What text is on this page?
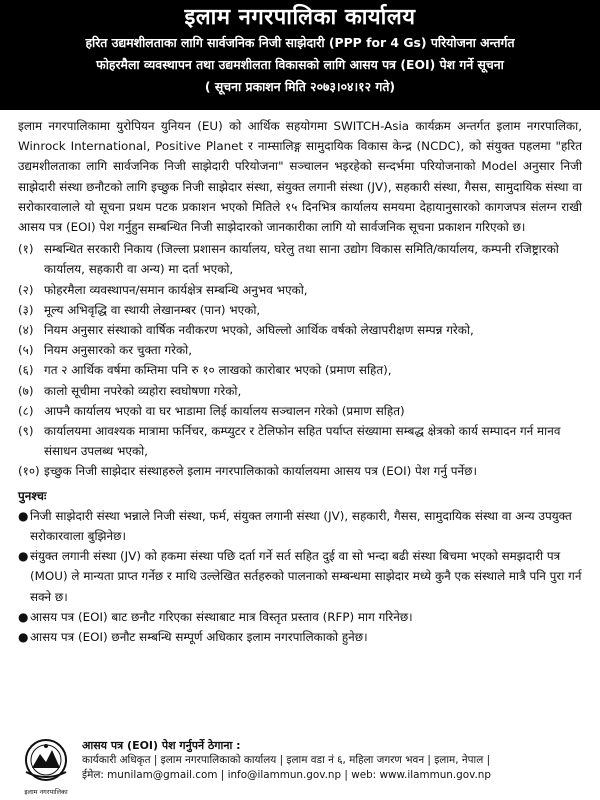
इलाम नगरपालिका कार्यालय
हरित उद्यमशीलताका लागि सार्वजनिक निजी साझेदारी (PPP for 4 Gs) परियोजना अन्तर्गत
फोहरमैला व्यवस्थापन तथा उद्यमशीलता विकासको लागि आसय पत्र (EOI) पेश गर्ने सूचना
( सूचना प्रकाशन मिति २०७३।०४।१२ गते)

इलाम नगरपालिकामा युरोपियन युनियन (EU) को आर्थिक सहयोगमा SWITCH-Asia कार्यक्रम अन्तर्गत इलाम नगरपालिका, Winrock International, Positive Planet र नाम्सालिङ्ग सामुदायिक विकास केन्द्र (NCDC), को संयुक्त पहलमा "हरित उद्यमशीलताका लागि सार्वजनिक निजी साझेदारी परियोजना" सञ्चालन भइरहेको सन्दर्भमा परियोजनाको Model अनुसार निजी साझेदारी संस्था छनौटको लागि इच्छुक निजी साझेदार संस्था, संयुक्त लगानी संस्था (JV), सहकारी संस्था, गैसस, सामुदायिक संस्था वा सरोकारवालाले यो सूचना प्रथम पटक प्रकाशन भएको मितिले १५ दिनभित्र कार्यालय समयमा देहायानुसारको कागजपत्र संलग्न राखी आसय पत्र (EOI) पेश गर्नुहुन सम्बन्धित निजी साझेदारको जानकारीका लागि यो सार्वजनिक सूचना प्रकाशन गरिएको छ।

(१) सम्बन्धित सरकारी निकाय (जिल्ला प्रशासन कार्यालय, घरेलु तथा साना उद्योग विकास समिति/कार्यालय, कम्पनी रजिष्ट्रारको कार्यालय, सहकारी वा अन्य) मा दर्ता भएको,
(२) फोहरमैला व्यवस्थापन/समान कार्यक्षेत्र सम्बन्धि अनुभव भएको,
(३) मूल्य अभिवृद्धि वा स्थायी लेखानम्बर (पान) भएको,
(४) नियम अनुसार संस्थाको वार्षिक नवीकरण भएको, अघिल्लो आर्थिक वर्षको लेखापरीक्षण सम्पन्न गरेको,
(५) नियम अनुसारको कर चुक्ता गरेको,
(६) गत २ आर्थिक वर्षमा कम्तिमा पनि रु १० लाखको कारोबार भएको (प्रमाण सहित),
(७) कालो सूचीमा नपरेको व्यहोरा स्वघोषणा गरेको,
(८) आफ्नै कार्यालय भएको वा घर भाडामा लिई कार्यालय सञ्चालन गरेको (प्रमाण सहित)
(९) कार्यालयमा आवश्यक मात्रामा फर्निचर, कम्प्युटर र टेलिफोन सहित पर्याप्त संख्यामा सम्बद्ध क्षेत्रको कार्य सम्पादन गर्न मानव संसाधन उपलब्ध भएको,
(१०) इच्छुक निजी साझेदार संस्थाहरुले इलाम नगरपालिकाको कार्यालयमा आसय पत्र (EOI) पेश गर्नु पर्नेछ।
पुनश्चः
● निजी साझेदारी संस्था भन्नाले निजी संस्था, फर्म, संयुक्त लगानी संस्था (JV), सहकारी, गैसस, सामुदायिक संस्था वा अन्य उपयुक्त सरोकारवाला बुझिनेछ।
● संयुक्त लगानी संस्था (JV) को हकमा संस्था पछि दर्ता गर्ने सर्त सहित दुई वा सो भन्दा बढी संस्था बिचमा भएको समझदारी पत्र (MOU) ले मान्यता प्राप्त गर्नेछ र माथि उल्लेखित सर्तहरुको पालनाको सम्बन्धमा साझेदार मध्ये कुनै एक संस्थाले मात्रै पनि पुरा गर्न सक्ने छ।
● आसय पत्र (EOI) बाट छनौट गरिएका संस्थाबाट मात्र विस्तृत प्रस्ताव (RFP) माग गरिनेछ।
● आसय पत्र (EOI) छनौट सम्बन्धि सम्पूर्ण अधिकार इलाम नगरपालिकाको हुनेछ।
इलाम नगरपालिका
आसय पत्र (EOI) पेश गर्नुपर्ने ठेगाना :
कार्यकारी अधिकृत | इलाम नगरपालिकाको कार्यालय | इलाम वडा नं ६, महिला जगरण भवन | इलाम, नेपाल |
ईमेल: munilam@gmail.com | info@ilammun.gov.np | web: www.ilammun.gov.np
